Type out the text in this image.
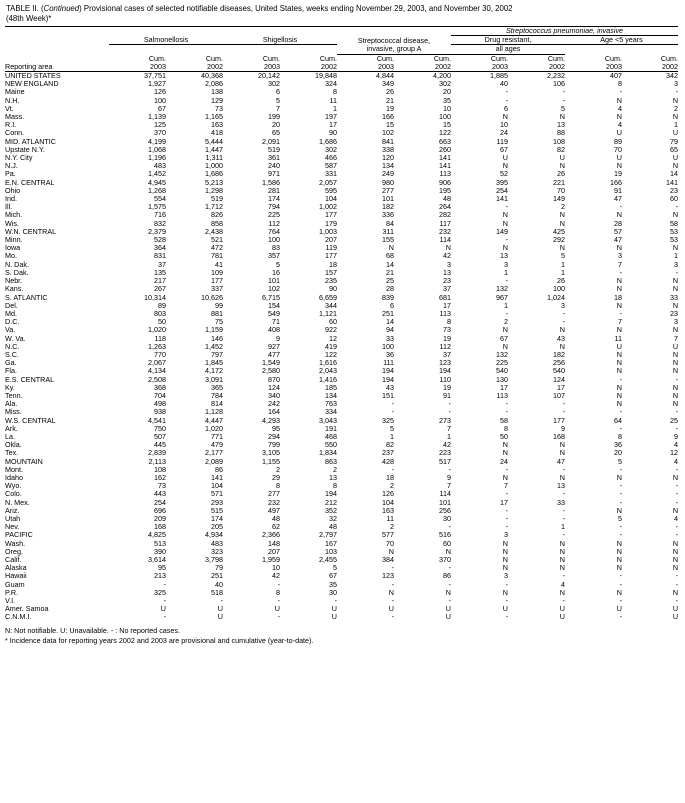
TABLE II. (Continued) Provisional cases of selected notifiable diseases, United States, weeks ending November 29, 2003, and November 30, 2002
(48th Week)*
							Streptococcus pneumoniae, invasive			
	Salmonellosis		Shigellosis		Streptococcal disease,		Drug resistant,		Age <5 years	
					invasive, group A		all ages			
	Cum.	Cum.	Cum.	Cum.	Cum.	Cum.	Cum.	Cum.	Cum.	Cum.
Reporting area	2003	2002	2003	2002	2003	2002	2003	2002	2003	2002
UNITED STATES	37,751	40,368	20,142	19,848	4,844	4,200	1,885	2,232	407	342
NEW ENGLAND	1,927	2,086	302	324	349	302	40	106	8	3
Maine	126	138	6	8	26	20	-	-	-	-
N.H.	100	129	5	11	21	35	-	-	N	N
Vt.	67	73	7	1	19	10	6	5	4	2
Mass.	1,139	1,165	199	197	166	100	N	N	N	N
R.I.	125	163	20	17	15	15	10	13	4	1
Conn.	370	418	65	90	102	122	24	88	U	U
MID. ATLANTIC	4,199	5,444	2,091	1,686	841	663	119	108	89	79
Upstate N.Y.	1,068	1,447	519	302	338	260	67	82	70	65
N.Y. City	1,196	1,311	361	466	120	141	U	U	U	U
N.J.	483	1,000	240	587	134	141	N	N	N	N
Pa.	1,452	1,686	971	331	249	113	52	26	19	14
E.N. CENTRAL	4,945	5,213	1,586	2,057	980	906	395	221	166	141
Ohio	1,268	1,298	281	595	277	195	254	70	91	23
Ind.	554	519	174	104	101	48	141	149	47	60
Ill.	1,575	1,712	794	1,002	182	264	-	2	-	-
Mich.	716	826	225	177	336	282	N	N	N	N
Wis.	832	858	112	179	84	117	N	N	28	58
W.N. CENTRAL	2,379	2,438	764	1,003	311	232	149	425	57	53
Minn.	528	521	100	207	155	114	-	292	47	53
Iowa	364	472	83	119	N	N	N	N	N	N
Mo.	831	781	357	177	68	42	13	5	3	1
N. Dak.	37	41	5	18	14	3	3	1	7	3
S. Dak.	135	109	16	157	21	13	1	1	-	-
Nebr.	217	177	101	235	25	23	-	26	N	N
Kans.	267	337	102	90	28	37	132	100	N	N
S. ATLANTIC	10,314	10,626	6,715	6,659	839	681	967	1,024	18	33
Del.	89	99	154	344	6	17	1	3	N	N
Md.	803	881	549	1,121	251	113	-	-	-	23
D.C.	50	75	71	60	14	8	2	-	7	3
Va.	1,020	1,159	408	922	94	73	N	N	N	N
W. Va.	118	146	9	12	33	19	67	43	11	7
N.C.	1,263	1,452	927	419	100	112	N	N	U	U
S.C.	770	797	477	122	36	37	132	182	N	N
Ga.	2,067	1,845	1,549	1,616	111	123	225	256	N	N
Fla.	4,134	4,172	2,580	2,043	194	194	540	540	N	N
E.S. CENTRAL	2,508	3,091	870	1,416	194	110	130	124	-	-
Ky.	368	365	124	185	43	19	17	17	N	N
Tenn.	704	784	340	134	151	91	113	107	N	N
Ala.	498	814	242	763	-	-	-	-	N	N
Miss.	938	1,128	164	334	-	-	-	-	-	-
W.S. CENTRAL	4,541	4,447	4,293	3,043	325	273	58	177	64	25
Ark.	750	1,020	95	191	5	7	8	9	-	-
La.	507	771	294	468	1	1	50	168	8	9
Okla.	445	479	799	550	82	42	N	N	36	4
Tex.	2,839	2,177	3,105	1,834	237	223	N	N	20	12
MOUNTAIN	2,113	2,089	1,155	863	428	517	24	47	5	4
Mont.	108	86	2	2	-	-	-	-	-	-
Idaho	162	141	29	13	18	9	N	N	N	N
Wyo.	73	104	8	8	2	7	7	13	-	-
Colo.	443	571	277	194	126	114	-	-	-	-
N. Mex.	254	293	232	212	104	101	17	33	-	-
Ariz.	696	515	497	352	163	256	-	-	N	N
Utah	209	174	48	32	11	30	-	-	5	4
Nev.	168	205	62	48	2	-	-	1	-	-
PACIFIC	4,825	4,934	2,366	2,797	577	516	3	-	-	-
Wash.	513	483	148	167	70	60	N	N	N	N
Oreg.	390	323	207	103	N	N	N	N	N	N
Calif.	3,614	3,798	1,959	2,455	384	370	N	N	N	N
Alaska	95	79	10	5	-	-	N	N	N	N
Hawaii	213	251	42	67	123	86	3	-	-	-
Guam	-	40	-	35	-	-	-	4	-	-
P.R.	325	518	8	30	N	N	N	N	N	N
V.I.	-	-	-	-	-	-	-	-	-	-
Amer. Samoa	U	U	U	U	U	U	U	U	U	U
C.N.M.I.	-	U	-	U	-	U	-	U	-	U
N: Not notifiable. U: Unavailable. - : No reported cases.
* Incidence data for reporting years 2002 and 2003 are provisional and cumulative (year-to-date).
